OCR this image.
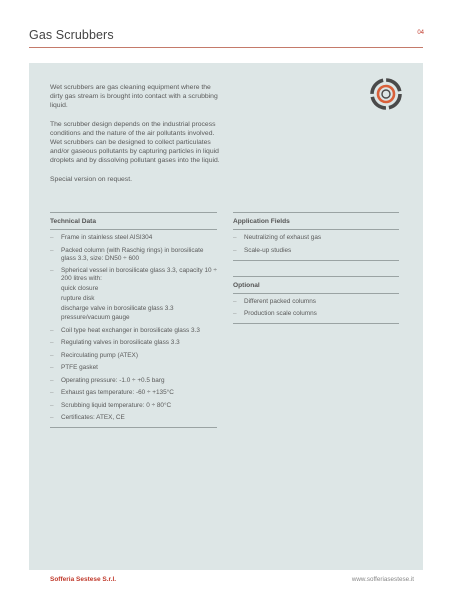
Gas Scrubbers	04

Wet scrubbers are gas cleaning equipment where the dirty gas stream is brought into contact with a scrubbing liquid.

The scrubber design depends on the industrial process conditions and the nature of the air pollutants involved. Wet scrubbers can be designed to collect particulates and/or gaseous pollutants by capturing particles in liquid droplets and by dissolving pollutant gases into the liquid.

Special version on request.

Technical Data
– Frame in stainless steel AISI304
– Packed column (with Raschig rings) in borosilicate glass 3.3, size: DN50 ÷ 600
– Spherical vessel in borosilicate glass 3.3, capacity 10 ÷ 200 litres with:
quick closure
rupture disk
discharge valve in borosilicate glass 3.3
pressure/vacuum gauge
– Coil type heat exchanger in borosilicate glass 3.3
– Regulating valves in borosilicate glass 3.3
– Recirculating pump (ATEX)
– PTFE gasket
– Operating pressure: -1.0 ÷ +0.5 barg
– Exhaust gas temperature: -60 ÷ +135°C
– Scrubbing liquid temperature: 0 ÷ 80°C
– Certificates: ATEX, CE
Application Fields
– Neutralizing of exhaust gas
– Scale-up studies
Optional
– Different packed columns
– Production scale columns
Sofferia Sestese S.r.l.	www.sofferiasestese.it
